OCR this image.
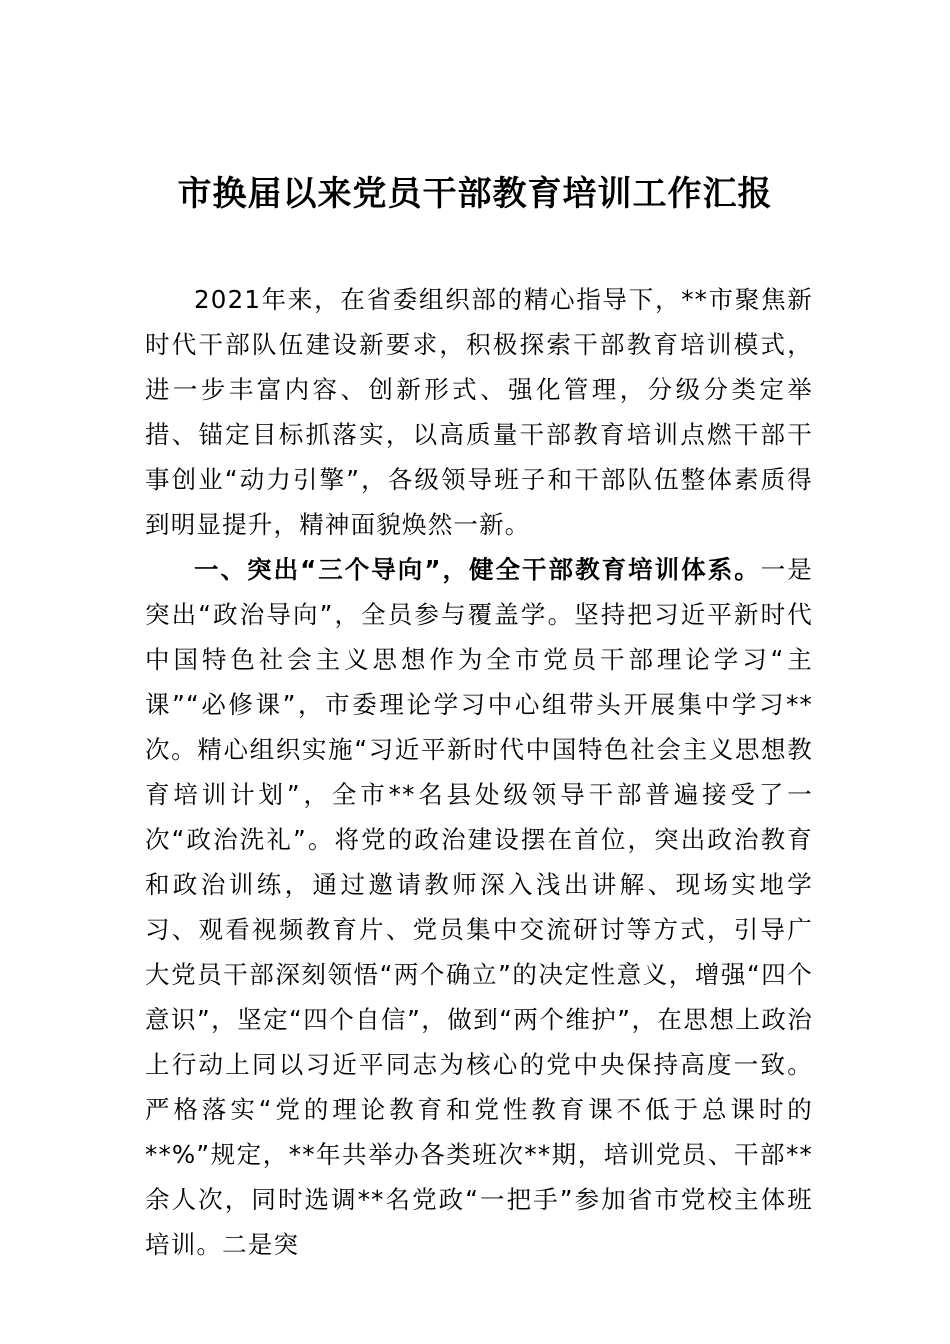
市换届以来党员干部教育培训工作汇报

2021年来，在省委组织部的精心指导下，**市聚焦新时代干部队伍建设新要求，积极探索干部教育培训模式，进一步丰富内容、创新形式、强化管理，分级分类定举措、锚定目标抓落实，以高质量干部教育培训点燃干部干事创业“动力引擎”，各级领导班子和干部队伍整体素质得到明显提升，精神面貌焕然一新。

一、突出“三个导向”，健全干部教育培训体系。一是突出“政治导向”，全员参与覆盖学。坚持把习近平新时代中国特色社会主义思想作为全市党员干部理论学习“主课”“必修课”，市委理论学习中心组带头开展集中学习**次。精心组织实施“习近平新时代中国特色社会主义思想教育培训计划”，全市**名县处级领导干部普遍接受了一次“政治洗礼”。将党的政治建设摆在首位，突出政治教育和政治训练，通过邀请教师深入浅出讲解、现场实地学习、观看视频教育片、党员集中交流研讨等方式，引导广大党员干部深刻领悟“两个确立”的决定性意义，增强“四个意识”，坚定“四个自信”，做到“两个维护”，在思想上政治上行动上同以习近平同志为核心的党中央保持高度一致。严格落实“党的理论教育和党性教育课不低于总课时的**%”规定，**年共举办各类班次**期，培训党员、干部**余人次，同时选调**名党政“一把手”参加省市党校主体班培训。二是突
